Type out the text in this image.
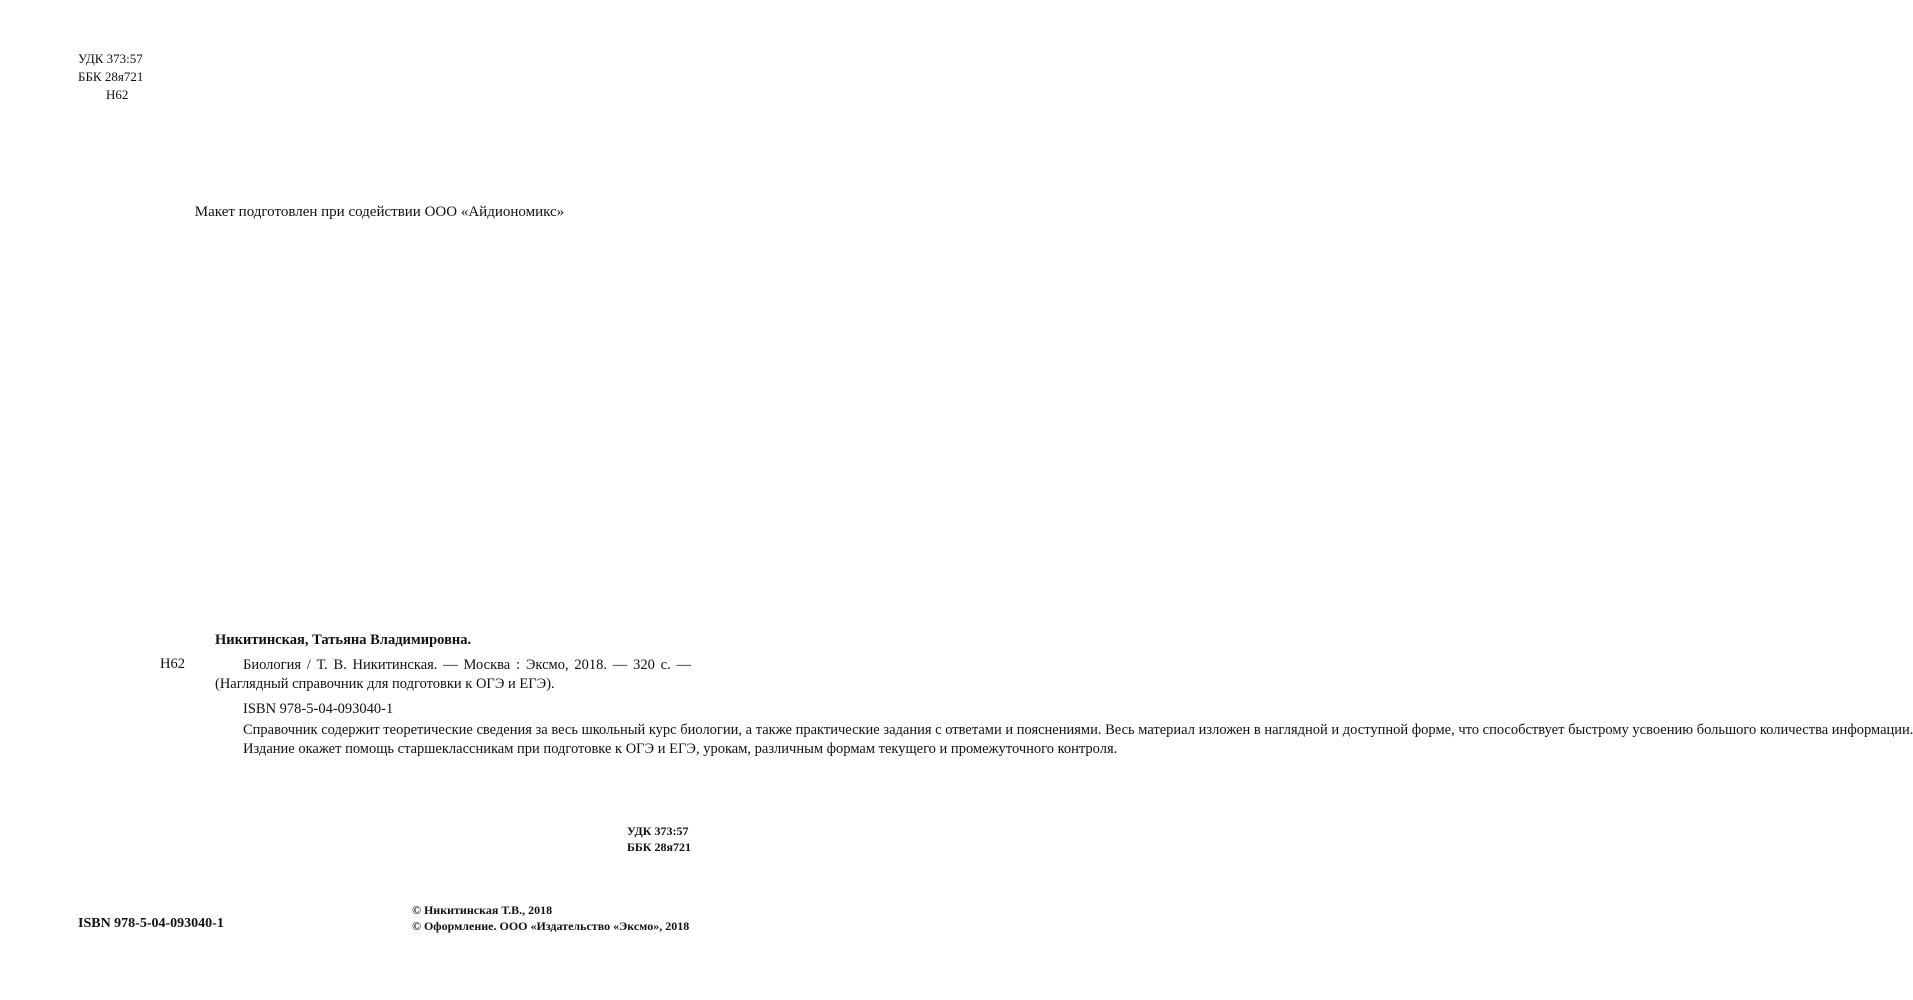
УДК 373:57
ББК 28я721
Н62
Макет подготовлен при содействии ООО «Айдиономикс»
Никитинская, Татьяна Владимировна.
Н62	Биология / Т. В. Никитинская. — Москва : Эксмо, 2018. — 320 с. —
(Наглядный справочник для подготовки к ОГЭ и ЕГЭ).
ISBN 978-5-04-093040-1

Справочник содержит теоретические сведения за весь школьный курс биологии, а также практические задания с ответами и пояснениями. Весь материал изложен в наглядной и доступной форме, что способствует быстрому усвоению большого количества информации.

Издание окажет помощь старшеклассникам при подготовке к ОГЭ и ЕГЭ, урокам, различным формам текущего и промежуточного контроля.

УДК 373:57
ББК 28я721
ISBN 978-5-04-093040-1
© Никитинская Т.В., 2018
© Оформление. ООО «Издательство «Эксмо», 2018
